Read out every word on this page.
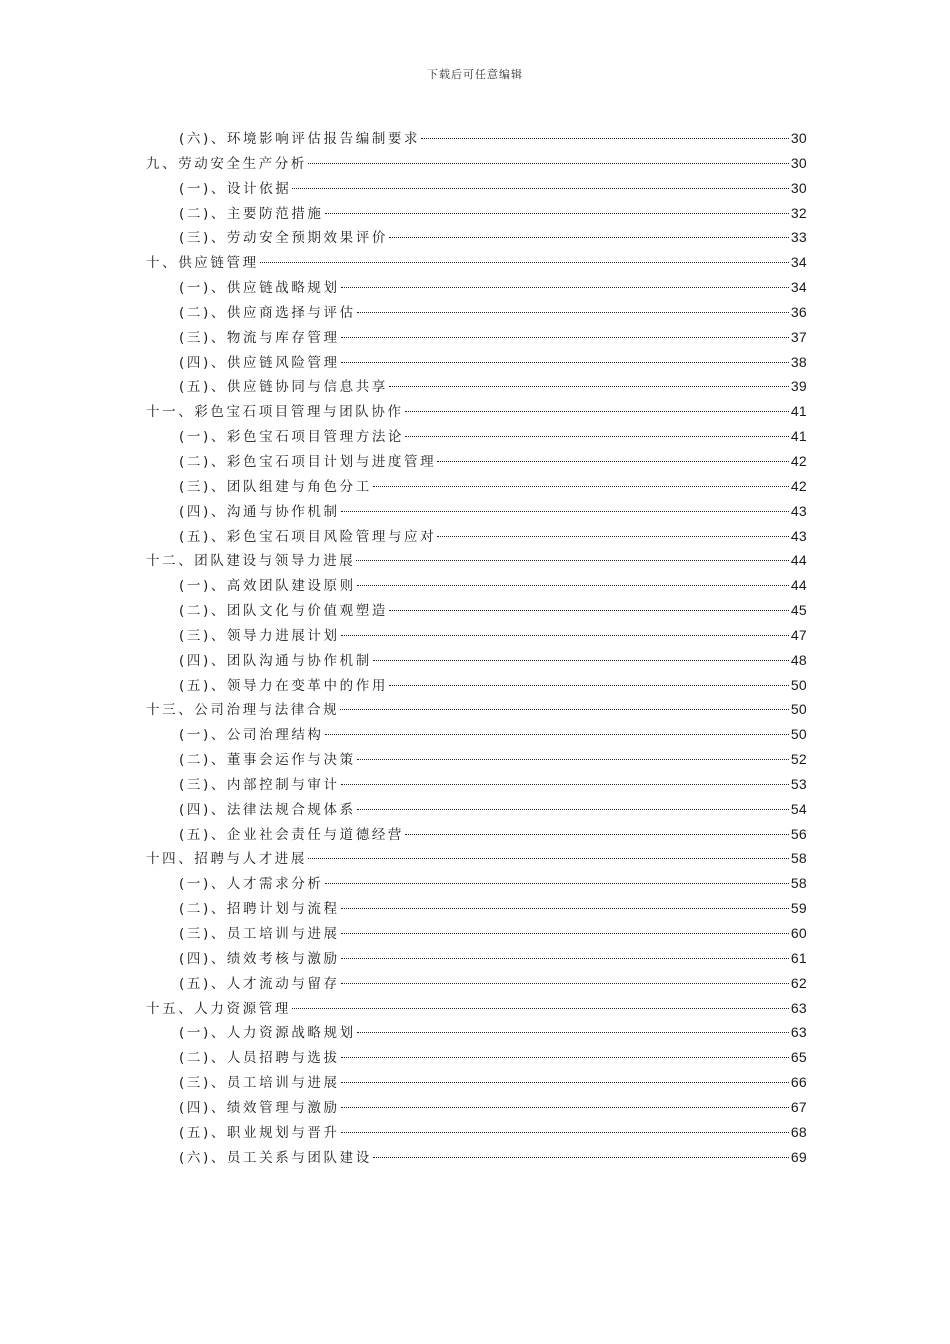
下载后可任意编辑
(六)、环境影响评估报告编制要求	30
九、劳动安全生产分析	30
(一)、设计依据	30
(二)、主要防范措施	32
(三)、劳动安全预期效果评价	33
十、供应链管理	34
(一)、供应链战略规划	34
(二)、供应商选择与评估	36
(三)、物流与库存管理	37
(四)、供应链风险管理	38
(五)、供应链协同与信息共享	39
十一、彩色宝石项目管理与团队协作	41
(一)、彩色宝石项目管理方法论	41
(二)、彩色宝石项目计划与进度管理	42
(三)、团队组建与角色分工	42
(四)、沟通与协作机制	43
(五)、彩色宝石项目风险管理与应对	43
十二、团队建设与领导力进展	44
(一)、高效团队建设原则	44
(二)、团队文化与价值观塑造	45
(三)、领导力进展计划	47
(四)、团队沟通与协作机制	48
(五)、领导力在变革中的作用	50
十三、公司治理与法律合规	50
(一)、公司治理结构	50
(二)、董事会运作与决策	52
(三)、内部控制与审计	53
(四)、法律法规合规体系	54
(五)、企业社会责任与道德经营	56
十四、招聘与人才进展	58
(一)、人才需求分析	58
(二)、招聘计划与流程	59
(三)、员工培训与进展	60
(四)、绩效考核与激励	61
(五)、人才流动与留存	62
十五、人力资源管理	63
(一)、人力资源战略规划	63
(二)、人员招聘与选拔	65
(三)、员工培训与进展	66
(四)、绩效管理与激励	67
(五)、职业规划与晋升	68
(六)、员工关系与团队建设	69
